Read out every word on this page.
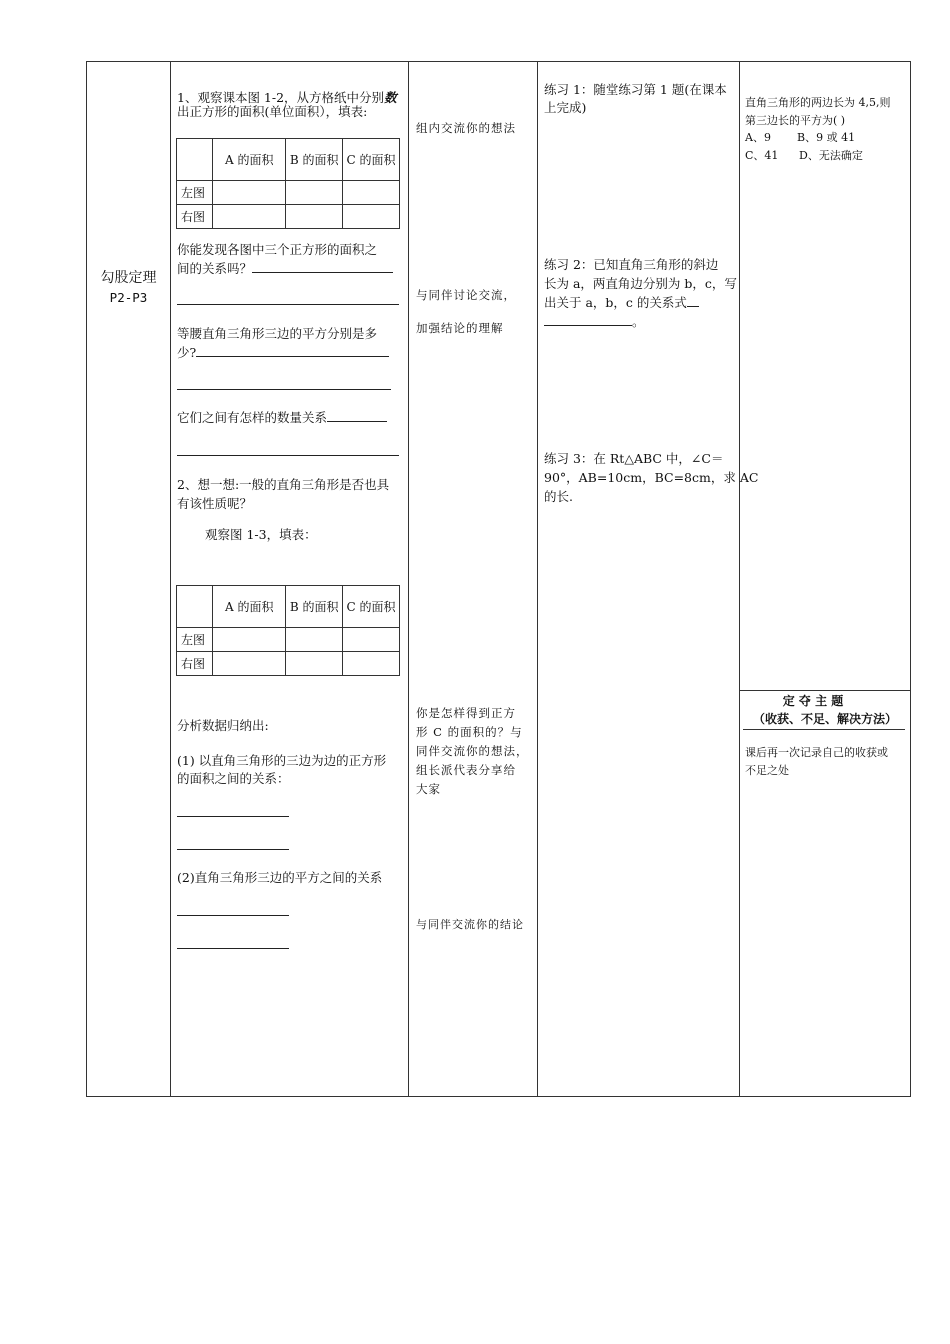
勾股定理
P2-P3
1、观察课本图 1-2，从方格纸中分别数
出正方形的面积(单位面积），填表:
	A 的面积	B 的面积	C 的面积
左图			
右图			
你能发现各图中三个正方形的面积之
间的关系吗？
等腰直角三角形三边的平方分别是多
少?
它们之间有怎样的数量关系
2、想一想:一般的直角三角形是否也具
有该性质呢？
观察图 1-3，填表：
	A 的面积	B 的面积	C 的面积
左图			
右图			
分析数据归纳出:
(1) 以直角三角形的三边为边的正方形
的面积之间的关系：
(2)直角三角形三边的平方之间的关系
组内交流你的想法
与同伴讨论交流，
加强结论的理解
你是怎样得到正方
形 C 的面积的？与
同伴交流你的想法，
组长派代表分享给
大家
与同伴交流你的结论
练习 1：随堂练习第 1 题(在课本
上完成)
练习 2：已知直角三角形的斜边
长为 a，两直角边分别为 b，c，写
出关于 a，b，c 的关系式
。
练习 3：在 Rt△ABC 中，∠C＝
90°，AB=10cm，BC=8cm，求 AC
的长.
直角三角形的两边长为 4,5,则
第三边长的平方为( )
A、9 B、9 或 41
C、41 D、无法确定
定 夺 主 题
（收获、不足、解决方法）
课后再一次记录自己的收获或
不足之处
